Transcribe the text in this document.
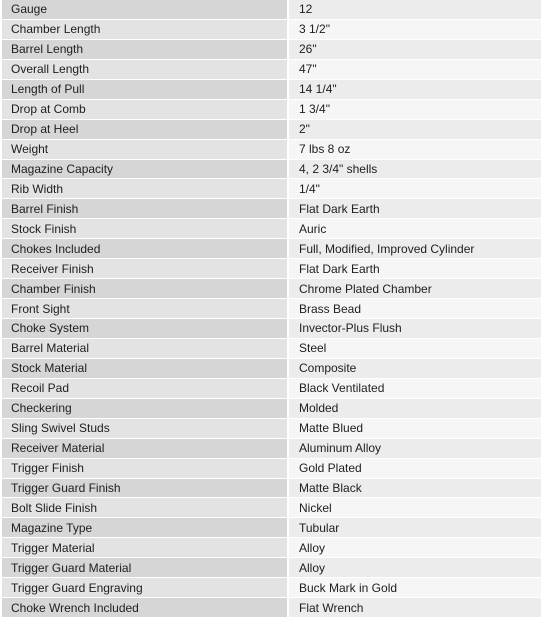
Gauge	12
Chamber Length	3 1/2"
Barrel Length	26"
Overall Length	47"
Length of Pull	14 1/4"
Drop at Comb	1 3/4"
Drop at Heel	2"
Weight	7 lbs 8 oz
Magazine Capacity	4, 2 3/4" shells
Rib Width	1/4"
Barrel Finish	Flat Dark Earth
Stock Finish	Auric
Chokes Included	Full, Modified, Improved Cylinder
Receiver Finish	Flat Dark Earth
Chamber Finish	Chrome Plated Chamber
Front Sight	Brass Bead
Choke System	Invector-Plus Flush
Barrel Material	Steel
Stock Material	Composite
Recoil Pad	Black Ventilated
Checkering	Molded
Sling Swivel Studs	Matte Blued
Receiver Material	Aluminum Alloy
Trigger Finish	Gold Plated
Trigger Guard Finish	Matte Black
Bolt Slide Finish	Nickel
Magazine Type	Tubular
Trigger Material	Alloy
Trigger Guard Material	Alloy
Trigger Guard Engraving	Buck Mark in Gold
Choke Wrench Included	Flat Wrench
